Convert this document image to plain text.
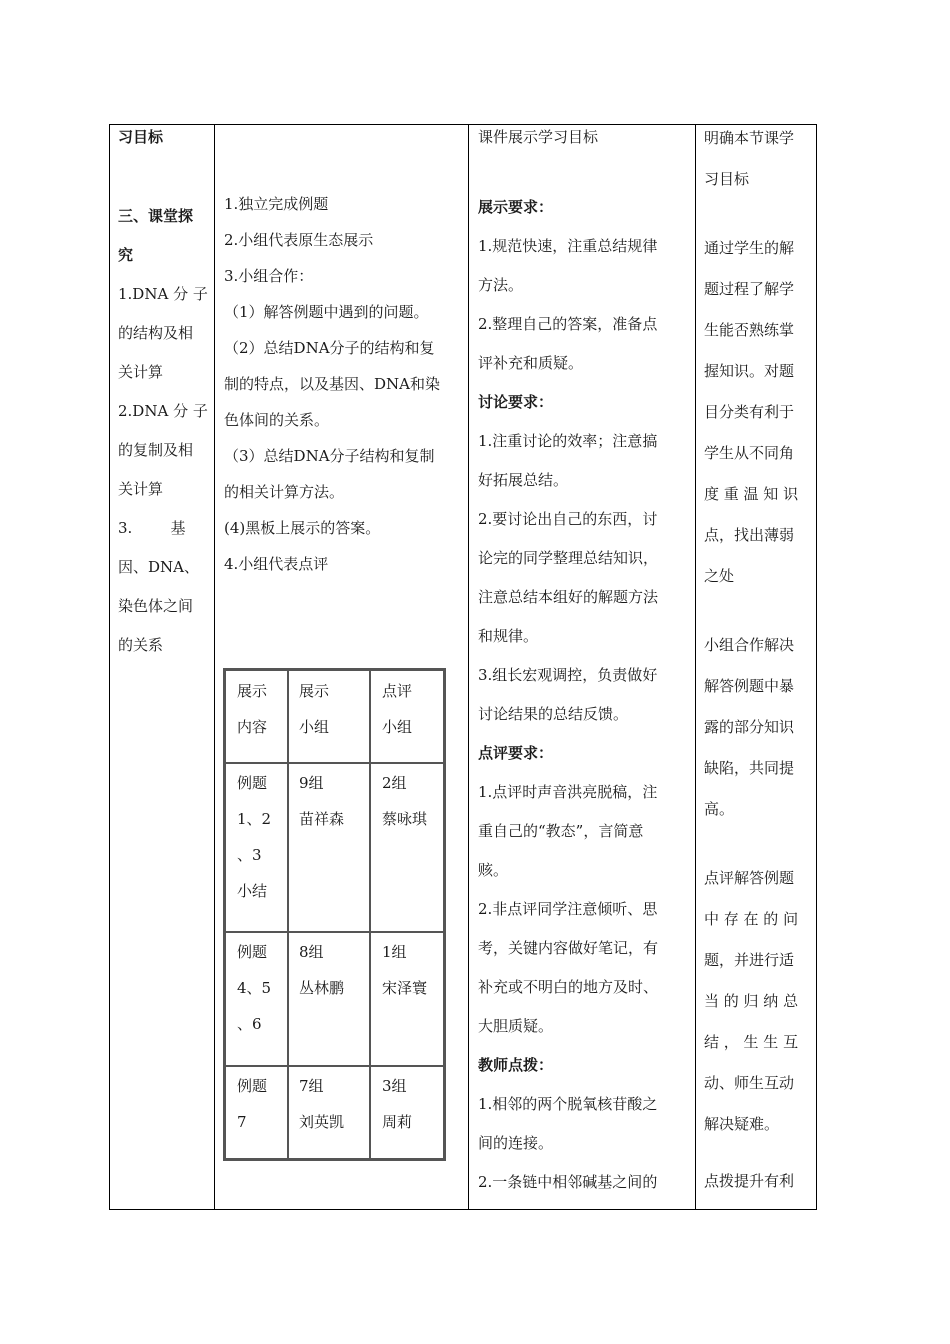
习目标

三、课堂探

究

1.DNA 分 子

的结构及相

关计算

2.DNA 分 子

的复制及相

关计算

3.        基

因、DNA、

染色体之间

的关系

1.独立完成例题

2.小组代表原生态展示

3.小组合作：

（1）解答例题中遇到的问题。

（2）总结DNA分子的结构和复

制的特点，以及基因、DNA和染

色体间的关系。

（3）总结DNA分子结构和复制

的相关计算方法。

(4)黑板上展示的答案。

4.小组代表点评

展示
内容
展示
小组
点评
小组
例题
1、2
、3
小结
9组
苗祥森
2组
蔡咏琪
例题
4、5
、6
8组
丛林鹏
1组
宋泽寰
例题
7
7组
刘英凯
3组
周莉

课件展示学习目标

展示要求：

1.规范快速，注重总结规律

方法。

2.整理自己的答案，准备点

评补充和质疑。

讨论要求：

1.注重讨论的效率；注意搞

好拓展总结。

2.要讨论出自己的东西，讨

论完的同学整理总结知识，

注意总结本组好的解题方法

和规律。

3.组长宏观调控，负责做好

讨论结果的总结反馈。

点评要求：

1.点评时声音洪亮脱稿，注

重自己的“教态”，言简意

赅。

2.非点评同学注意倾听、思

考，关键内容做好笔记，有

补充或不明白的地方及时、

大胆质疑。

教师点拨：

1.相邻的两个脱氧核苷酸之

间的连接。

2.一条链中相邻碱基之间的

明确本节课学

习目标

通过学生的解

题过程了解学

生能否熟练掌

握知识。对题

目分类有利于

学生从不同角

度 重 温 知 识

点，找出薄弱

之处

小组合作解决

解答例题中暴

露的部分知识

缺陷，共同提

高。

点评解答例题

中 存 在 的 问

题，并进行适

当 的 归 纳 总

结 ， 生 生 互

动、师生互动

解决疑难。

点拨提升有利
